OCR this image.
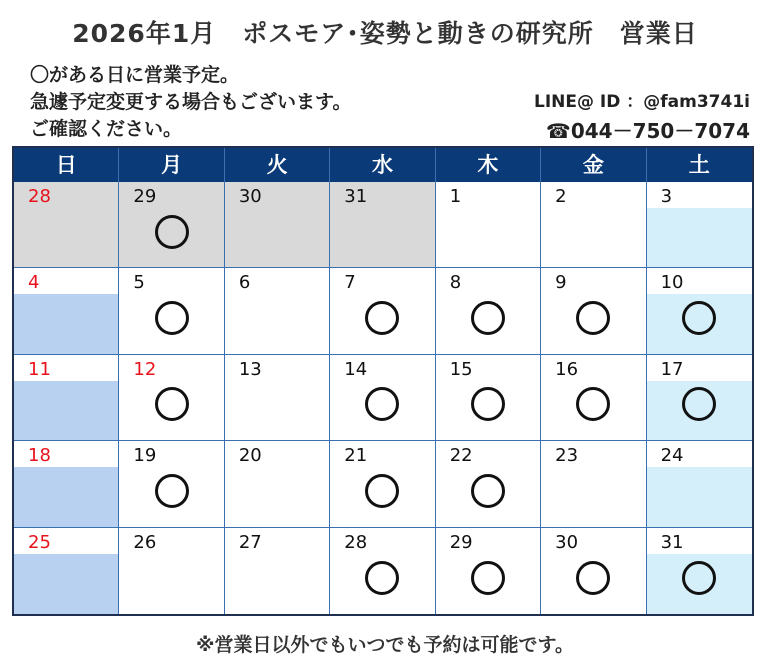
2026年1月　ポスモア･姿勢と動きの研究所　営業日
〇がある日に営業予定。
急遽予定変更する場合もございます。
ご確認ください。
LINE@ ID ：@fam3741i
☎044－750－7074
日	月	火	水	木	金	土
28	29	30	31	1	2	3
4	5	6	7	8	9	10
11	12	13	14	15	16	17
18	19	20	21	22	23	24
25	26	27	28	29	30	31
※営業日以外でもいつでも予約は可能です。
